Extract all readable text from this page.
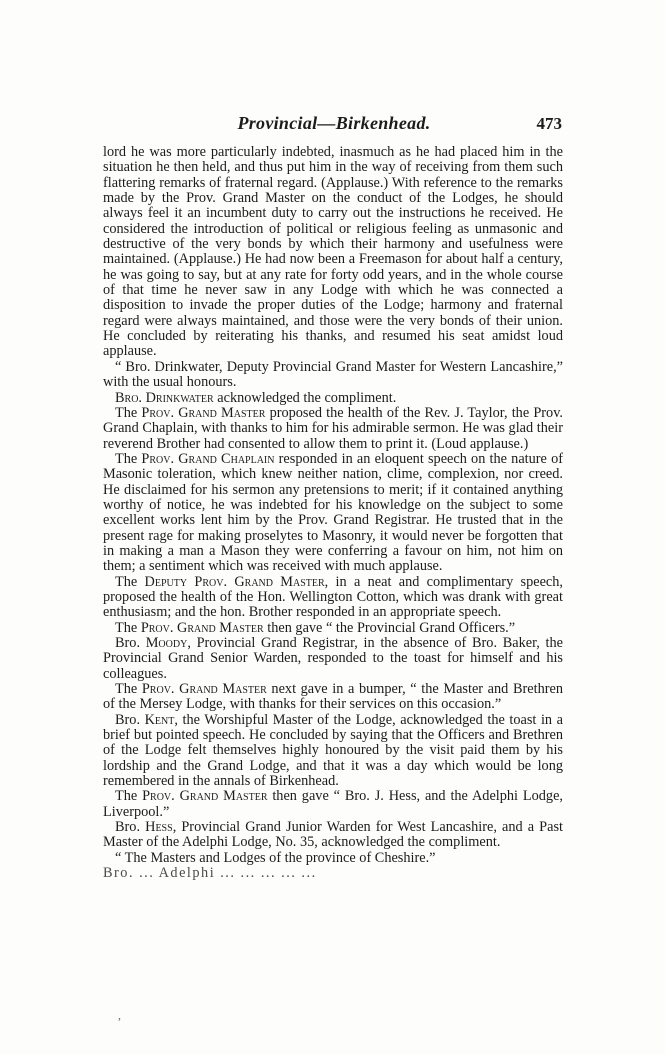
Provincial—Birkenhead.	473

lord he was more particularly indebted, inasmuch as he had placed him in the situation he then held, and thus put him in the way of receiving from them such flattering remarks of fraternal regard. (Applause.) With reference to the remarks made by the Prov. Grand Master on the conduct of the Lodges, he should always feel it an incumbent duty to carry out the instructions he received. He considered the introduction of political or religious feeling as unmasonic and destructive of the very bonds by which their harmony and usefulness were maintained. (Applause.) He had now been a Freemason for about half a century, he was going to say, but at any rate for forty odd years, and in the whole course of that time he never saw in any Lodge with which he was connected a disposition to invade the proper duties of the Lodge; harmony and fraternal regard were always maintained, and those were the very bonds of their union. He concluded by reiterating his thanks, and resumed his seat amidst loud applause.

“ Bro. Drinkwater, Deputy Provincial Grand Master for Western Lancashire,” with the usual honours.

Bro. Drinkwater acknowledged the compliment.

The Prov. Grand Master proposed the health of the Rev. J. Taylor, the Prov. Grand Chaplain, with thanks to him for his admirable sermon. He was glad their reverend Brother had consented to allow them to print it. (Loud applause.)

The Prov. Grand Chaplain responded in an eloquent speech on the nature of Masonic toleration, which knew neither nation, clime, complexion, nor creed. He disclaimed for his sermon any pretensions to merit; if it contained anything worthy of notice, he was indebted for his knowledge on the subject to some excellent works lent him by the Prov. Grand Registrar. He trusted that in the present rage for making proselytes to Masonry, it would never be forgotten that in making a man a Mason they were conferring a favour on him, not him on them; a sentiment which was received with much applause.

The Deputy Prov. Grand Master, in a neat and complimentary speech, proposed the health of the Hon. Wellington Cotton, which was drank with great enthusiasm; and the hon. Brother responded in an appropriate speech.

The Prov. Grand Master then gave “ the Provincial Grand Officers.”

Bro. Moody, Provincial Grand Registrar, in the absence of Bro. Baker, the Provincial Grand Senior Warden, responded to the toast for himself and his colleagues.

The Prov. Grand Master next gave in a bumper, “ the Master and Brethren of the Mersey Lodge, with thanks for their services on this occasion.”

Bro. Kent, the Worshipful Master of the Lodge, acknowledged the toast in a brief but pointed speech. He concluded by saying that the Officers and Brethren of the Lodge felt themselves highly honoured by the visit paid them by his lordship and the Grand Lodge, and that it was a day which would be long remembered in the annals of Birkenhead.

The Prov. Grand Master then gave “ Bro. J. Hess, and the Adelphi Lodge, Liverpool.”

Bro. Hess, Provincial Grand Junior Warden for West Lancashire, and a Past Master of the Adelphi Lodge, No. 35, acknowledged the compliment.

“ The Masters and Lodges of the province of Cheshire.”

Bro. ... Adelphi ... ... ... ... ...

,
